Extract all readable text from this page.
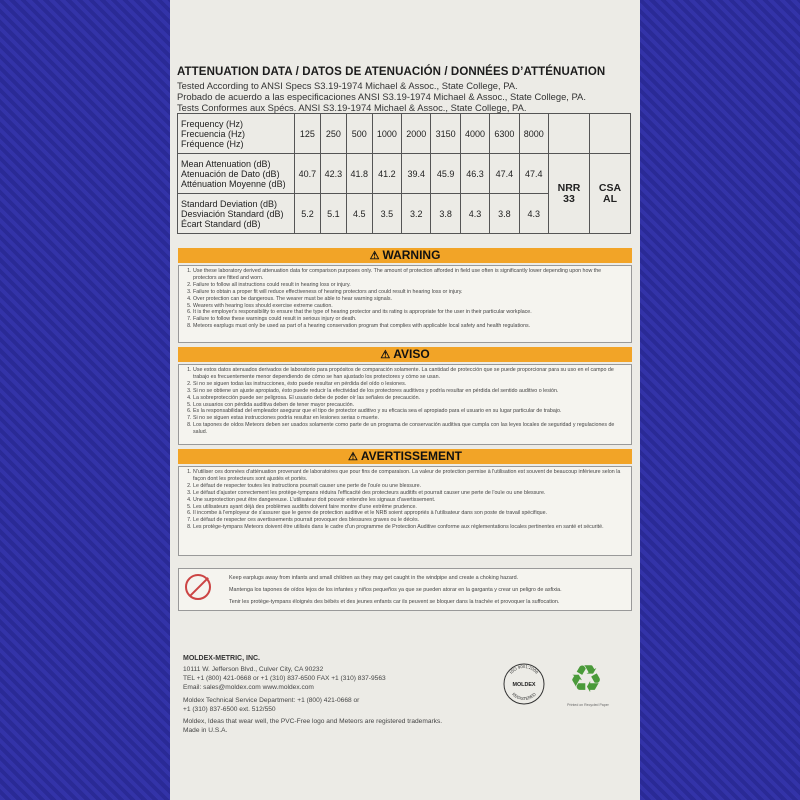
ATTENUATION DATA / DATOS DE ATENUACIÓN / DONNÉES D’ATTÉNUATION
Tested According to ANSI Specs S3.19-1974 Michael & Assoc., State College, PA.
Probado de acuerdo a las especificaciones ANSI S3.19-1974 Michael & Assoc., State College, PA.
Tests Conformes aux Spécs. ANSI S3.19-1974 Michael & Assoc., State College, PA.
Frequency (Hz)
Frecuencia (Hz)
Fréquence (Hz)	125	250	500	1000	2000	3150	4000	6300	8000		

Mean Attenuation (dB)
Atenuación de Dato (dB)
Atténuation Moyenne (dB)	40.7	42.3	41.8	41.2	39.4	45.9	46.3	47.4	47.4	NRR 33	CSA AL

Standard Deviation (dB)
Desviación Standard (dB)
Écart Standard (dB)	5.2	5.1	4.5	3.5	3.2	3.8	4.3	3.8	4.3		
⚠ WARNING
1. Use these laboratory derived attenuation data for comparison purposes only. The amount of protection afforded in field use often is significantly lower depending upon how the protectors are fitted and worn.
2. Failure to follow all instructions could result in hearing loss or injury.
3. Failure to obtain a proper fit will reduce effectiveness of hearing protectors and could result in hearing loss or injury.
4. Over protection can be dangerous. The wearer must be able to hear warning signals.
5. Wearers with hearing loss should exercise extreme caution.
6. It is the employer's responsibility to ensure that the type of hearing protector and its rating is appropriate for the user in their particular workplace.
7. Failure to follow these warnings could result in serious injury or death.
8. Meteors earplugs must only be used as part of a hearing conservation program that complies with applicable local safety and health regulations.
⚠ AVISO
1. Use estos datos atenuados derivados de laboratorio para propósitos de comparación solamente. La cantidad de protección que se puede proporcionar para su uso en el campo de trabajo es frecuentemente menor dependiendo de cómo se han ajustado los protectores y cómo se usan.
2. Si no se siguen todas las instrucciones, ésto puede resultar en pérdida del oído o lesiones.
3. Si no se obtiene un ajuste apropiado, ésto puede reducir la efectividad de los protectores auditivos y podría resultar en pérdida del sentido auditivo o lesión.
4. La sobreprotección puede ser peligrosa. El usuario debe de poder oír las señales de precaución.
5. Los usuarios con pérdida auditiva deben de tener mayor precaución.
6. Es la responsabilidad del empleador asegurar que el tipo de protector auditivo y su eficacia sea el apropiado para el usuario en su lugar particular de trabajo.
7. Si no se siguen estas instrucciones podría resultar en lesiones serias o muerte.
8. Los tapones de oídos Meteors deben ser usados solamente como parte de un programa de conservación auditiva que cumpla con las leyes locales de seguridad y regulaciones de salud.
⚠ AVERTISSEMENT
1. N'utiliser ces données d'atténuation provenant de laboratoires que pour fins de comparaison. La valeur de protection permise à l'utilisation est souvent de beaucoup inférieure selon la façon dont les protecteurs sont ajustés et portés.
2. Le défaut de respecter toutes les instructions pourrait causer une perte de l'ouïe ou une blessure.
3. Le défaut d'ajuster correctement les protège-tympans réduira l'efficacité des protecteurs auditifs et pourrait causer une perte de l'ouïe ou une blessure.
4. Une surprotection peut être dangereuse. L'utilisateur doit pouvoir entendre les signaux d'avertissement.
5. Les utilisateurs ayant déjà des problèmes auditifs doivent faire montre d'une extrême prudence.
6. Il incombe à l'employeur de s'assurer que le genre de protection auditive et le NRB soient appropriés à l'utilisateur dans son poste de travail spécifique.
7. Le défaut de respecter ces avertissements pourrait provoquer des blessures graves ou le décès.
8. Les protège-tympans Meteors doivent être utilisés dans le cadre d'un programme de Protection Auditive conforme aux réglementations locales pertinentes en santé et sécurité.
Keep earplugs away from infants and small children as they may get caught in the windpipe and create a choking hazard.
Mantenga los tapones de oídos lejos de los infantes y niños pequeños ya que se pueden atorar en la garganta y crear un peligro de asfixia.
Tenir les protège-tympans éloignés des bébés et des jeunes enfants car ils peuvent se bloquer dans la trachée et provoquer la suffocation.
MOLDEX-METRIC, INC.
10111 W. Jefferson Blvd., Culver City, CA 90232
TEL +1 (800) 421-0668 or +1 (310) 837-6500 FAX +1 (310) 837-9563
Email: sales@moldex.com www.moldex.com
Moldex Technical Service Department: +1 (800) 421-0668 or
+1 (310) 837-6500 ext. 512/550
Moldex, Ideas that wear well, the PVC-Free logo and Meteors are registered trademarks.
Made in U.S.A.
ISO 9001:2008
MOLDEX
REGISTERED ♻
Printed on Recycled Paper
